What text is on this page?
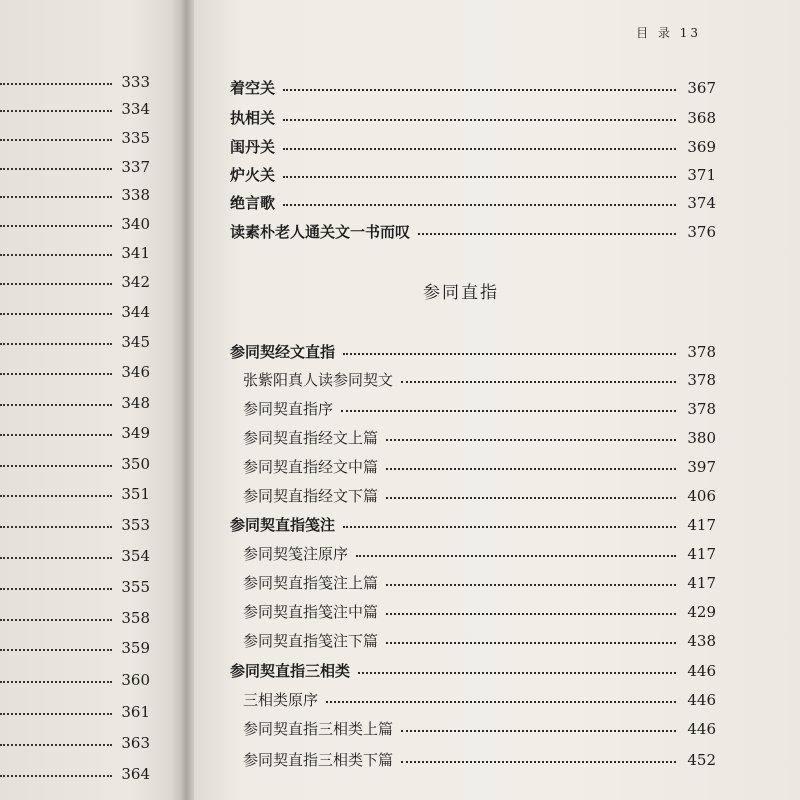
333
334
335
337
338
340
341
342
344
345
346
348
349
350
351
353
354
355
358
359
360
361
363
364
目 录 13
参同直指
着空关	367
执相关	368
闺丹关	369
炉火关	371
绝言歌	374
读素朴老人通关文一书而叹	376
参同契经文直指	378
张紫阳真人读参同契文	378
参同契直指序	378
参同契直指经文上篇	380
参同契直指经文中篇	397
参同契直指经文下篇	406
参同契直指笺注	417
参同契笺注原序	417
参同契直指笺注上篇	417
参同契直指笺注中篇	429
参同契直指笺注下篇	438
参同契直指三相类	446
三相类原序	446
参同契直指三相类上篇	446
参同契直指三相类下篇	452
